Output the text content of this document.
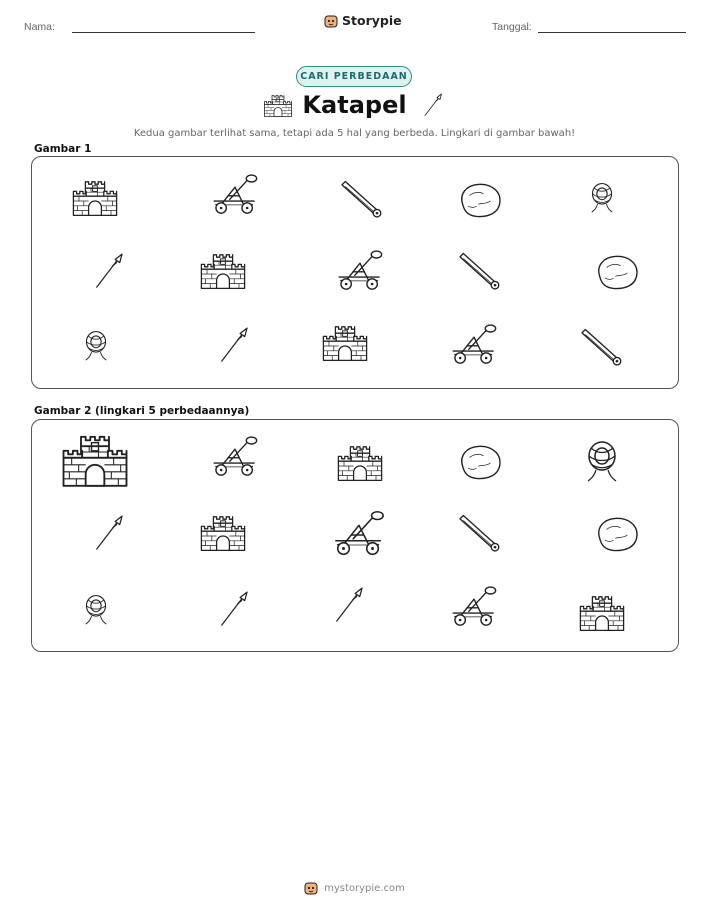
Nama:	Storypie	Tanggal:
CARI PERBEDAAN
Katapel
Kedua gambar terlihat sama, tetapi ada 5 hal yang berbeda. Lingkari di gambar bawah!
Gambar 1
Gambar 2 (lingkari 5 perbedaannya)
mystorypie.com
